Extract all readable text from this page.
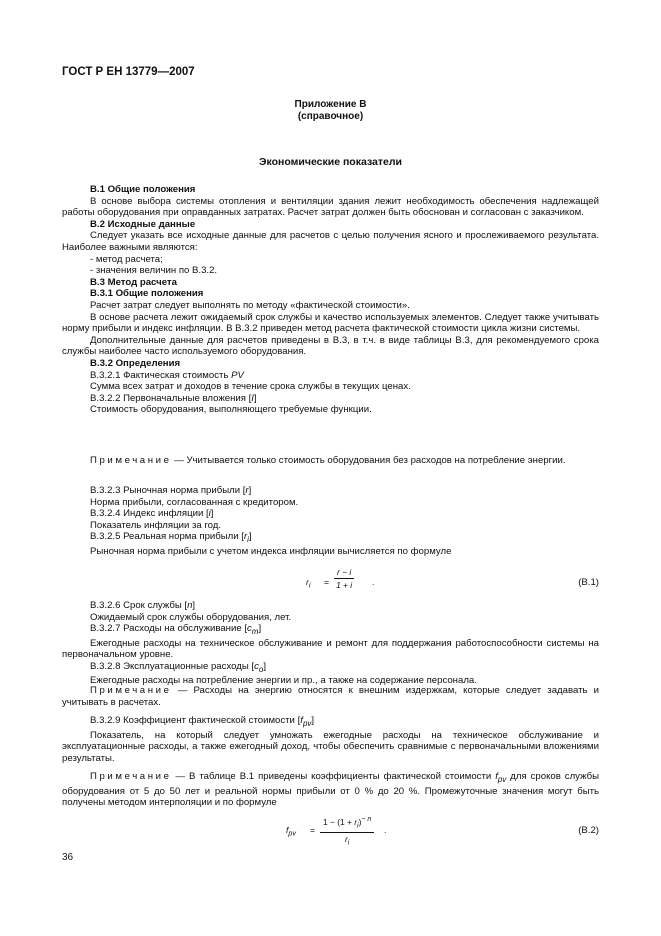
ГОСТ Р ЕН 13779—2007
Приложение В
(справочное)
Экономические показатели

В.1 Общие положения

В основе выбора системы отопления и вентиляции здания лежит необходимость обеспечения надлежащей работы оборудования при оправданных затратах. Расчет затрат должен быть обоснован и согласован с заказчиком.

В.2 Исходные данные

Следует указать все исходные данные для расчетов с целью получения ясного и прослеживаемого результата. Наиболее важными являются:

- метод расчета;

- значения величин по В.3.2.

В.3 Метод расчета

В.3.1 Общие положения

Расчет затрат следует выполнять по методу «фактической стоимости».

В основе расчета лежит ожидаемый срок службы и качество используемых элементов. Следует также учитывать норму прибыли и индекс инфляции. В В.3.2 приведен метод расчета фактической стоимости цикла жизни системы.

Дополнительные данные для расчетов приведены в В.3, в т.ч. в виде таблицы В.3, для рекомендуемого срока службы наиболее часто используемого оборудования.

В.3.2 Определения

В.3.2.1 Фактическая стоимость PV

Сумма всех затрат и доходов в течение срока службы в текущих ценах.

В.3.2.2 Первоначальные вложения [I]

Стоимость оборудования, выполняющего требуемые функции.

Примечание — Учитывается только стоимость оборудования без расходов на потребление энергии.

В.3.2.3 Рыночная норма прибыли [r]

Норма прибыли, согласованная с кредитором.

В.3.2.4 Индекс инфляции [i]

Показатель инфляции за год.

В.3.2.5 Реальная норма прибыли $[r_i]$

Рыночная норма прибыли с учетом индекса инфляции вычисляется по формуле

$r_i = \frac{r - i}{1 + i}$ .	(В.1)

В.3.2.6 Срок службы [n]

Ожидаемый срок службы оборудования, лет.

В.3.2.7 Расходы на обслуживание $[c_m]$

Ежегодные расходы на техническое обслуживание и ремонт для поддержания работоспособности системы на первоначальном уровне.

В.3.2.8 Эксплуатационные расходы $[c_o]$

Ежегодные расходы на потребление энергии и пр., а также на содержание персонала.

Примечание — Расходы на энергию относятся к внешним издержкам, которые следует задавать и учитывать в расчетах.

В.3.2.9 Коэффициент фактической стоимости $[f_{pv}]$

Показатель, на который следует умножать ежегодные расходы на техническое обслуживание и эксплуатационные расходы, а также ежегодный доход, чтобы обеспечить сравнимые с первоначальными вложениями результаты.

Примечание — В таблице В.1 приведены коэффициенты фактической стоимости $f_{pv}$ для сроков службы оборудования от 5 до 50 лет и реальной нормы прибыли от 0 % до 20 %. Промежуточные значения могут быть получены методом интерполяции и по формуле

$f_{pv} = \frac{1 - (1 + r_i)^{- n}}{r_i}$ .	(В.2)
36
